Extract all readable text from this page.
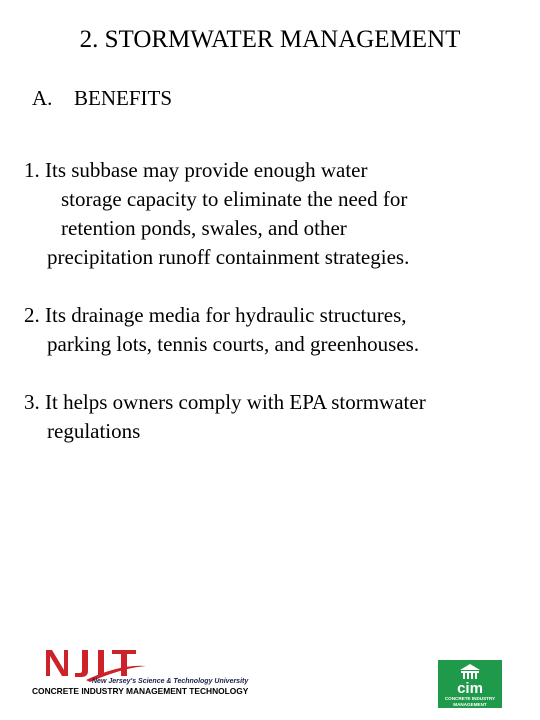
2. STORMWATER MANAGEMENT
A. BENEFITS
1. Its subbase may provide enough water
storage capacity to eliminate the need for
retention ponds, swales, and other
precipitation runoff containment strategies.
2. Its drainage media for hydraulic structures,
parking lots, tennis courts, and greenhouses.
3. It helps owners comply with EPA stormwater
regulations
New Jersey's Science & Technology University
CONCRETE INDUSTRY MANAGEMENT TECHNOLOGY	cim
CONCRETE INDUSTRY
MANAGEMENT
